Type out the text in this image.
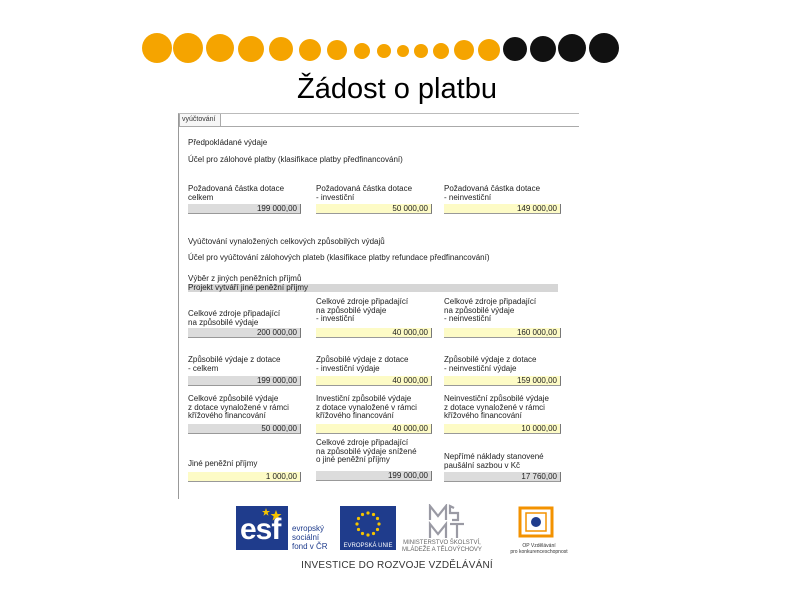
Žádost o platbu
vyúčtování
Předpokládané výdaje
Účel pro zálohové platby (klasifikace platby předfinancování)
Požadovaná částka dotace
celkem
199 000,00
Požadovaná částka dotace
- investiční
50 000,00
Požadovaná částka dotace
- neinvestiční
149 000,00
Vyúčtování vynaložených celkových způsobilých výdajů
Účel pro vyúčtování zálohových plateb (klasifikace platby refundace předfinancování)
Výběr z jiných peněžních příjmů
Projekt vytváří jiné peněžní příjmy
Celkové zdroje připadající
na způsobilé výdaje
200 000,00
Celkové zdroje připadající
na způsobilé výdaje
- investiční
40 000,00
Celkové zdroje připadající
na způsobilé výdaje
- neinvestiční
160 000,00
Způsobilé výdaje z dotace
- celkem
199 000,00
Způsobilé výdaje z dotace
- investiční výdaje
40 000,00
Způsobilé výdaje z dotace
- neinvestiční výdaje
159 000,00
Celkové způsobilé výdaje
z dotace vynaložené v rámci
křížového financování
50 000,00
Investiční způsobilé výdaje
z dotace vynaložené v rámci
křížového financování
40 000,00
Neinvestiční způsobilé výdaje
z dotace vynaložené v rámci
křížového financování
10 000,00
Jiné peněžní příjmy
1 000,00
Celkové zdroje připadající
na způsobilé výdaje snížené
o jiné peněžní příjmy
199 000,00
Nepřímé náklady stanovené
paušální sazbou v Kč
17 760,00
esf evropský
sociální
fond v ČR	EVROPSKÁ UNIE	MINISTERSTVO ŠKOLSTVÍ,
MLÁDEŽE A TĚLOVÝCHOVY
OP Vzdělávání
pro konkurenceschopnost
INVESTICE DO ROZVOJE VZDĚLÁVÁNÍ
